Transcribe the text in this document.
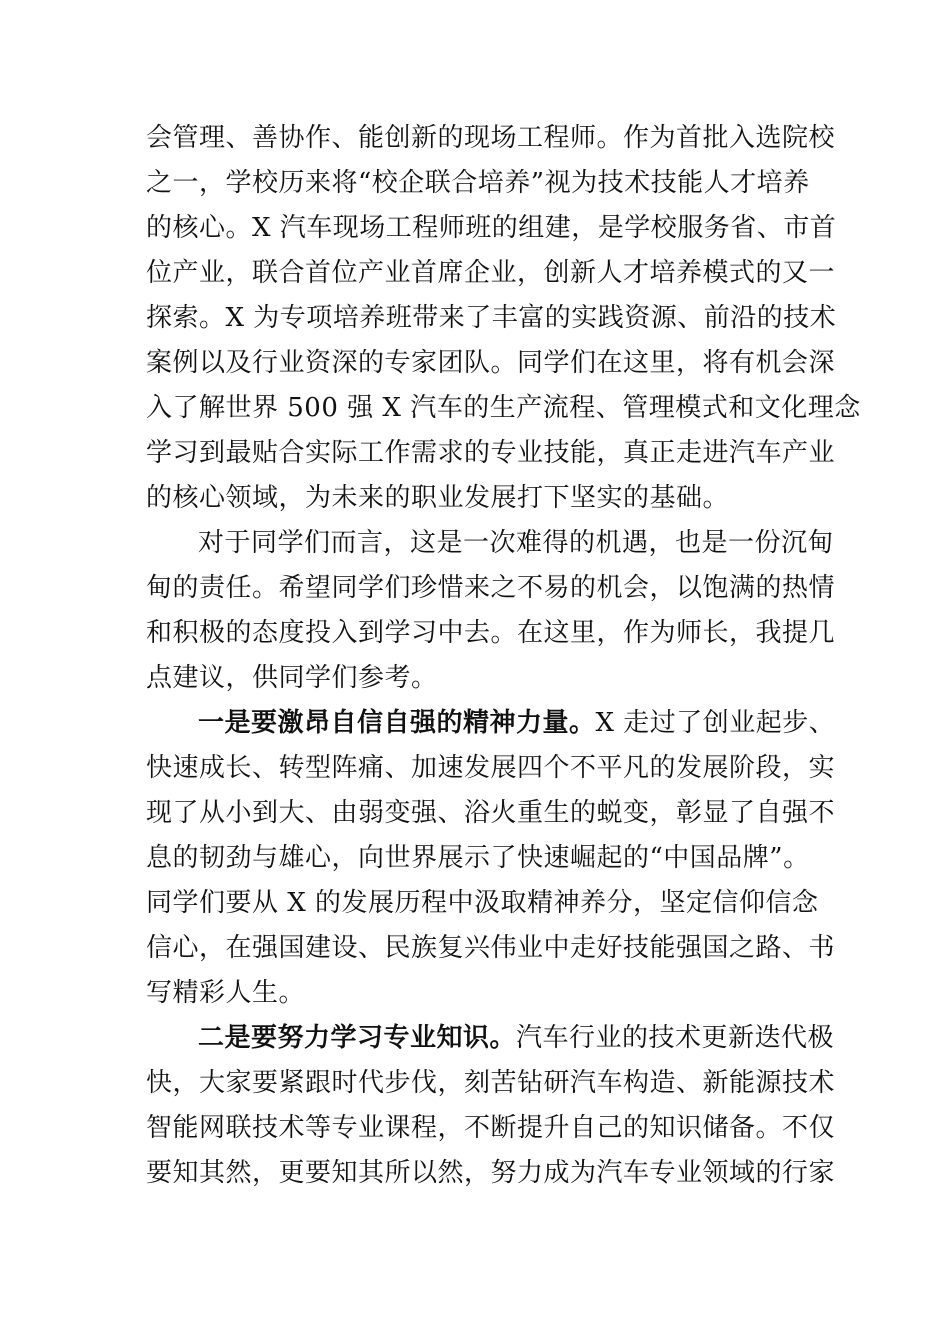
会管理、善协作、能创新的现场工程师。作为首批入选院校
之一，学校历来将“校企联合培养”视为技术技能人才培养
的核心。X 汽车现场工程师班的组建，是学校服务省、市首
位产业，联合首位产业首席企业，创新人才培养模式的又一
探索。X 为专项培养班带来了丰富的实践资源、前沿的技术
案例以及行业资深的专家团队。同学们在这里，将有机会深
入了解世界 500 强 X 汽车的生产流程、管理模式和文化理念
学习到最贴合实际工作需求的专业技能，真正走进汽车产业
的核心领域，为未来的职业发展打下坚实的基础。
对于同学们而言，这是一次难得的机遇，也是一份沉甸
甸的责任。希望同学们珍惜来之不易的机会，以饱满的热情
和积极的态度投入到学习中去。在这里，作为师长，我提几
点建议，供同学们参考。
一是要激昂自信自强的精神力量。X 走过了创业起步、
快速成长、转型阵痛、加速发展四个不平凡的发展阶段，实
现了从小到大、由弱变强、浴火重生的蜕变，彰显了自强不
息的韧劲与雄心，向世界展示了快速崛起的“中国品牌”。
同学们要从 X 的发展历程中汲取精神养分，坚定信仰信念
信心，在强国建设、民族复兴伟业中走好技能强国之路、书
写精彩人生。
二是要努力学习专业知识。汽车行业的技术更新迭代极
快，大家要紧跟时代步伐，刻苦钻研汽车构造、新能源技术
智能网联技术等专业课程，不断提升自己的知识储备。不仅
要知其然，更要知其所以然，努力成为汽车专业领域的行家
